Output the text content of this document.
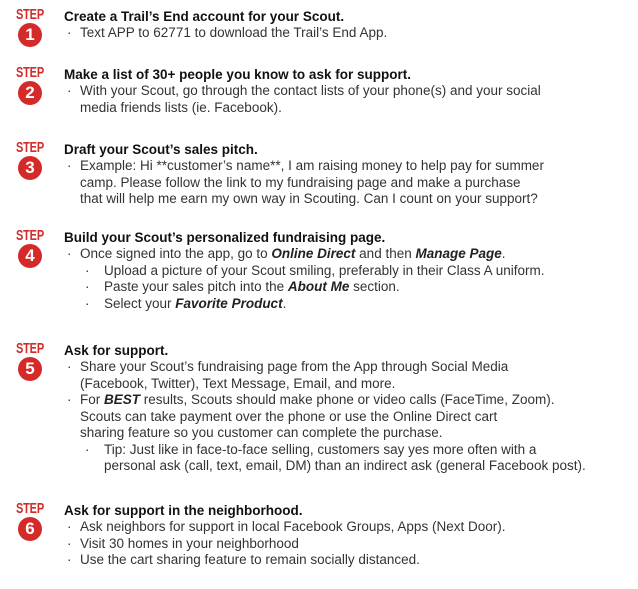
STEP
1

Create a Trail’s End account for your Scout.

· Text APP to 62771 to download the Trail’s End App.
STEP
2

Make a list of 30+ people you know to ask for support.

· With your Scout, go through the contact lists of your phone(s) and your social
media friends lists (ie. Facebook).
STEP
3

Draft your Scout’s sales pitch.

· Example: Hi **customer’s name**, I am raising money to help pay for summer
camp. Please follow the link to my fundraising page and make a purchase
that will help me earn my own way in Scouting. Can I count on your support?
STEP
4

Build your Scout’s personalized fundraising page.

· Once signed into the app, go to Online Direct and then Manage Page.
· Upload a picture of your Scout smiling, preferably in their Class A uniform.
· Paste your sales pitch into the About Me section.
· Select your Favorite Product.
STEP
5

Ask for support.

· Share your Scout’s fundraising page from the App through Social Media
(Facebook, Twitter), Text Message, Email, and more.
· For BEST results, Scouts should make phone or video calls (FaceTime, Zoom).
Scouts can take payment over the phone or use the Online Direct cart
sharing feature so you customer can complete the purchase.
· Tip: Just like in face-to-face selling, customers say yes more often with a
personal ask (call, text, email, DM) than an indirect ask (general Facebook post).
STEP
6

Ask for support in the neighborhood.

· Ask neighbors for support in local Facebook Groups, Apps (Next Door).
· Visit 30 homes in your neighborhood
· Use the cart sharing feature to remain socially distanced.
